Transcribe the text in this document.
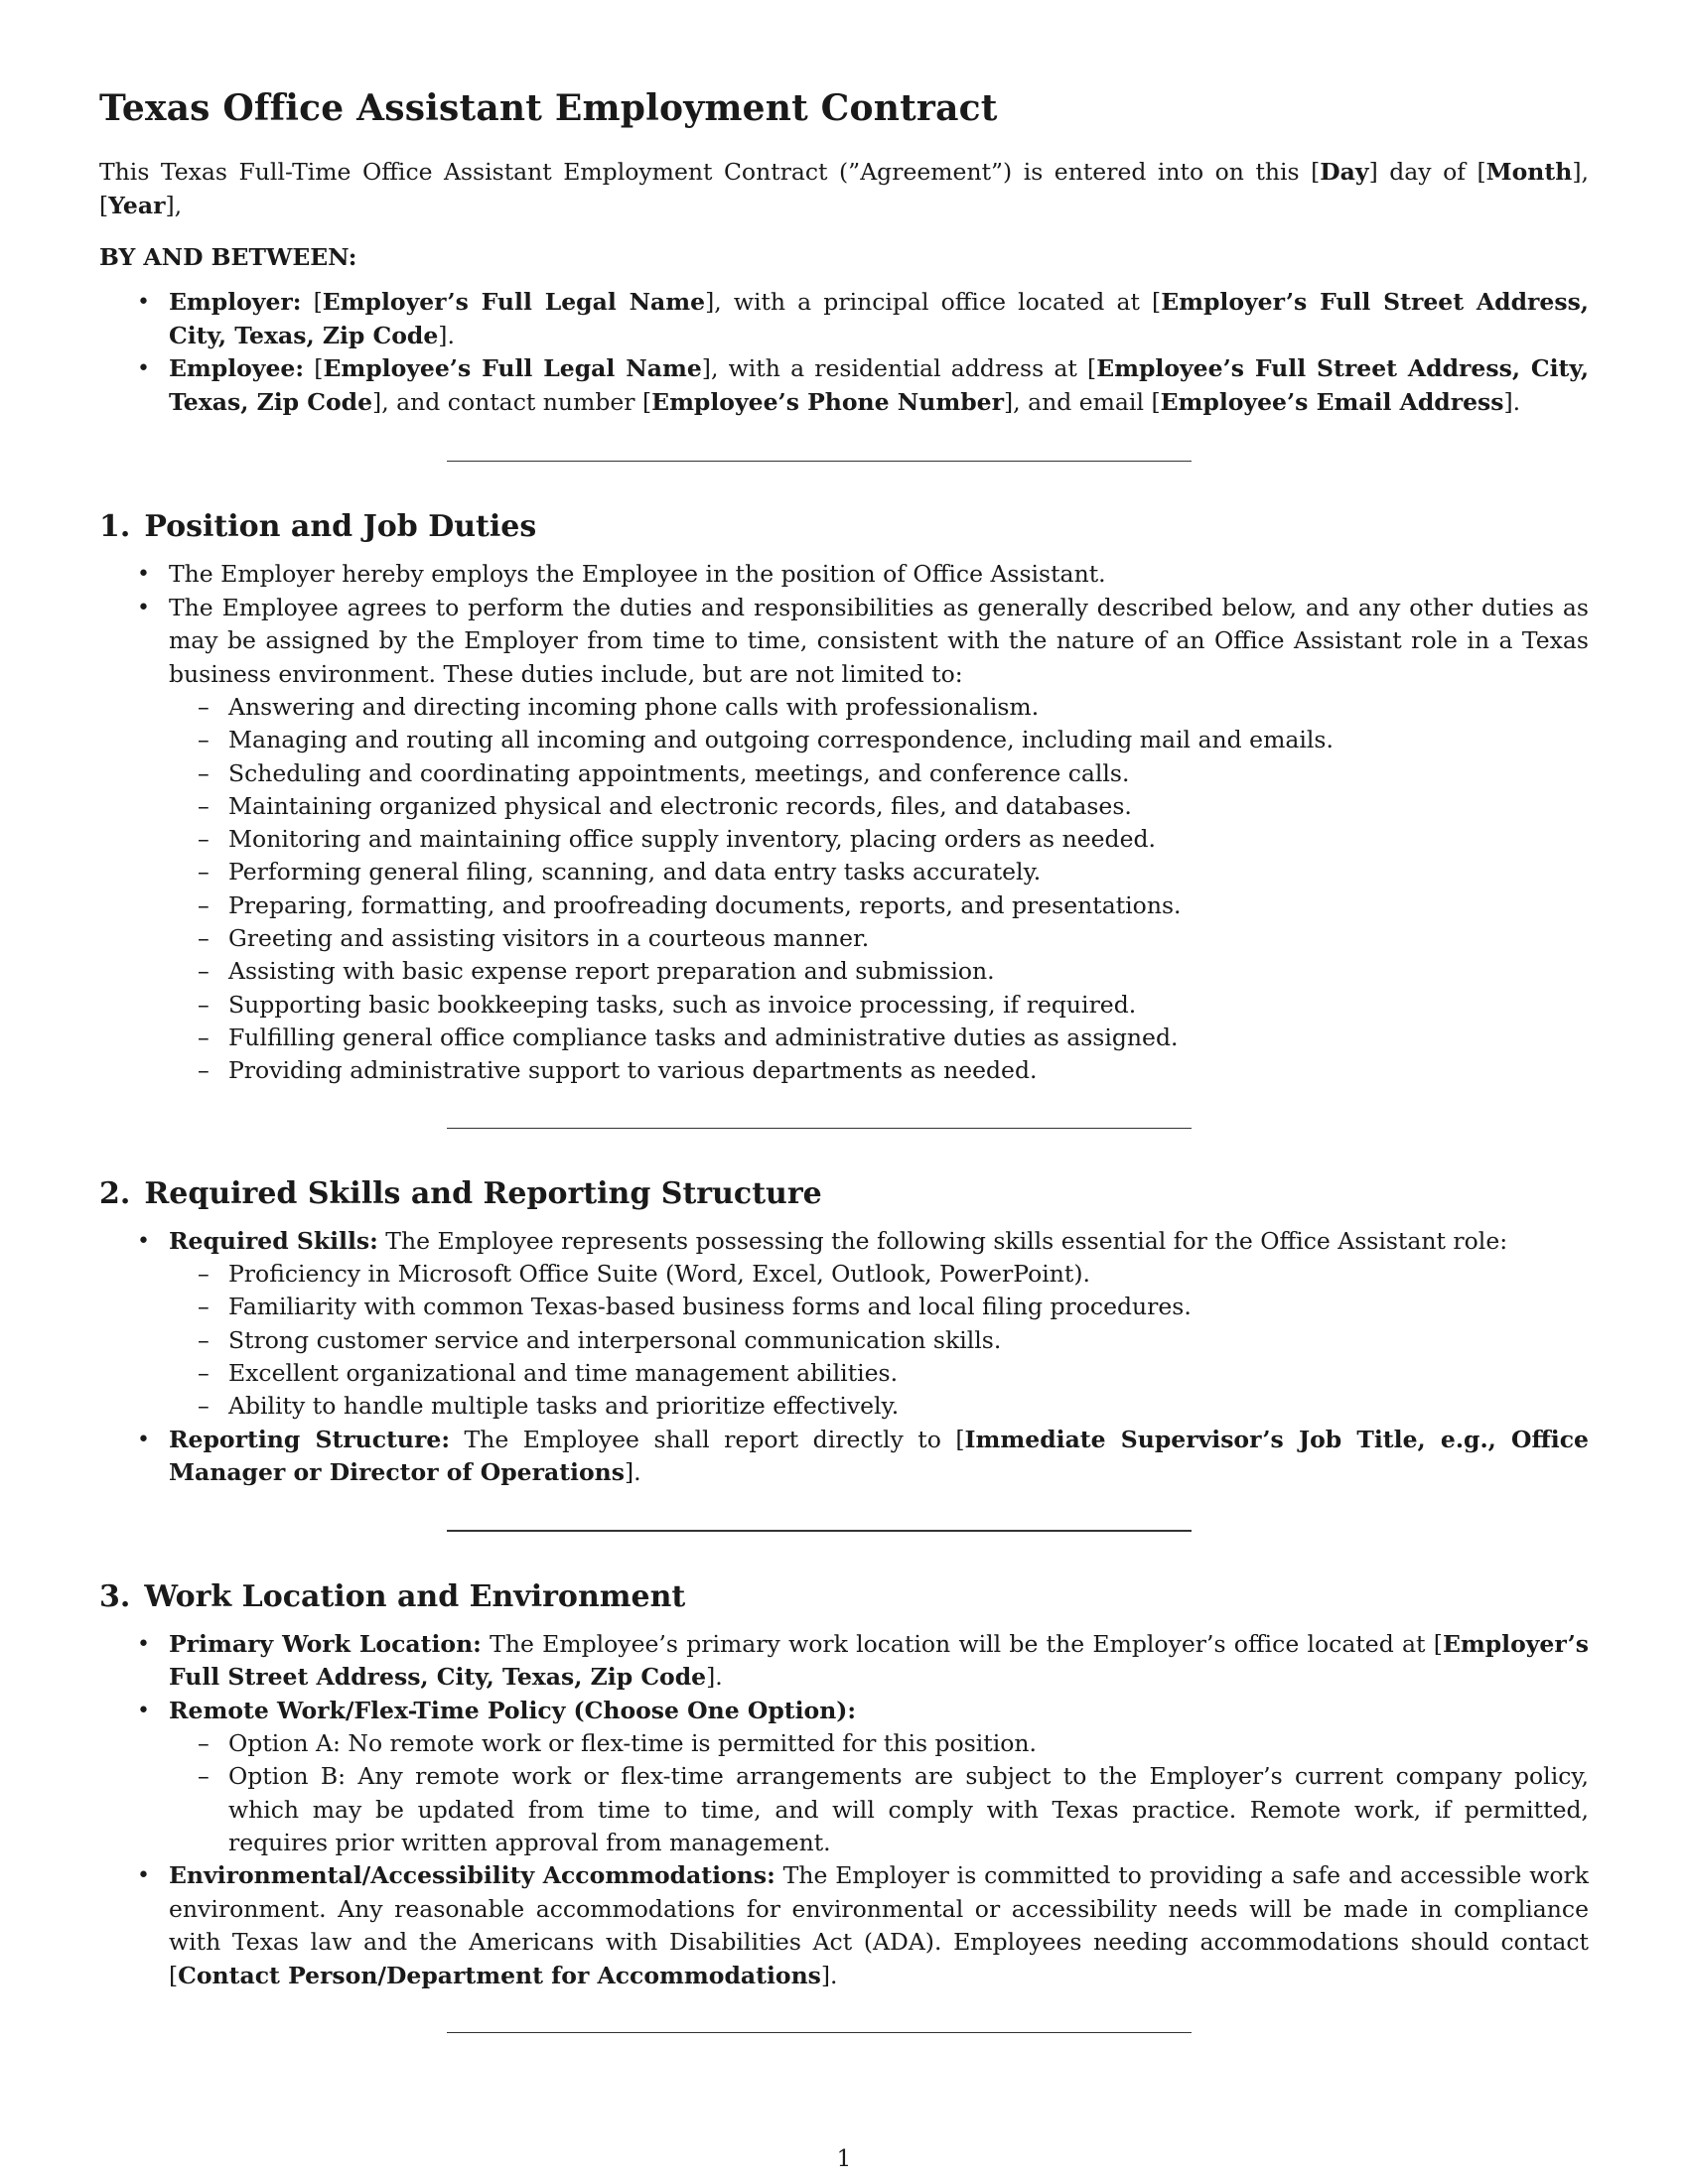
Texas Office Assistant Employment Contract

This Texas Full-Time Office Assistant Employment Contract (”Agreement”) is entered into on this [Day] day of [Month], [Year],

BY AND BETWEEN:

• Employer: [Employer’s Full Legal Name], with a principal office located at [Employer’s Full Street Address, City, Texas, Zip Code].
• Employee: [Employee’s Full Legal Name], with a residential address at [Employee’s Full Street Address, City, Texas, Zip Code], and contact number [Employee’s Phone Number], and email [Employee’s Email Address].
1. Position and Job Duties
• The Employer hereby employs the Employee in the position of Office Assistant.
• The Employee agrees to perform the duties and responsibilities as generally described below, and any other duties as may be assigned by the Employer from time to time, consistent with the nature of an Office Assistant role in a Texas business environment. These duties include, but are not limited to:
– Answering and directing incoming phone calls with professionalism.
– Managing and routing all incoming and outgoing correspondence, including mail and emails.
– Scheduling and coordinating appointments, meetings, and conference calls.
– Maintaining organized physical and electronic records, files, and databases.
– Monitoring and maintaining office supply inventory, placing orders as needed.
– Performing general filing, scanning, and data entry tasks accurately.
– Preparing, formatting, and proofreading documents, reports, and presentations.
– Greeting and assisting visitors in a courteous manner.
– Assisting with basic expense report preparation and submission.
– Supporting basic bookkeeping tasks, such as invoice processing, if required.
– Fulfilling general office compliance tasks and administrative duties as assigned.
– Providing administrative support to various departments as needed.
2. Required Skills and Reporting Structure
• Required Skills: The Employee represents possessing the following skills essential for the Office Assistant role:
– Proficiency in Microsoft Office Suite (Word, Excel, Outlook, PowerPoint).
– Familiarity with common Texas-based business forms and local filing procedures.
– Strong customer service and interpersonal communication skills.
– Excellent organizational and time management abilities.
– Ability to handle multiple tasks and prioritize effectively.
• Reporting Structure: The Employee shall report directly to [Immediate Supervisor’s Job Title, e.g., Office Manager or Director of Operations].
3. Work Location and Environment
• Primary Work Location: The Employee’s primary work location will be the Employer’s office located at [Employer’s Full Street Address, City, Texas, Zip Code].
• Remote Work/Flex-Time Policy (Choose One Option):
– Option A: No remote work or flex-time is permitted for this position.
– Option B: Any remote work or flex-time arrangements are subject to the Employer’s current company policy, which may be updated from time to time, and will comply with Texas practice. Remote work, if permitted, requires prior written approval from management.
• Environmental/Accessibility Accommodations: The Employer is committed to providing a safe and accessible work environment. Any reasonable accommodations for environmental or accessibility needs will be made in compliance with Texas law and the Americans with Disabilities Act (ADA). Employees needing accommodations should contact [Contact Person/Department for Accommodations].
1
